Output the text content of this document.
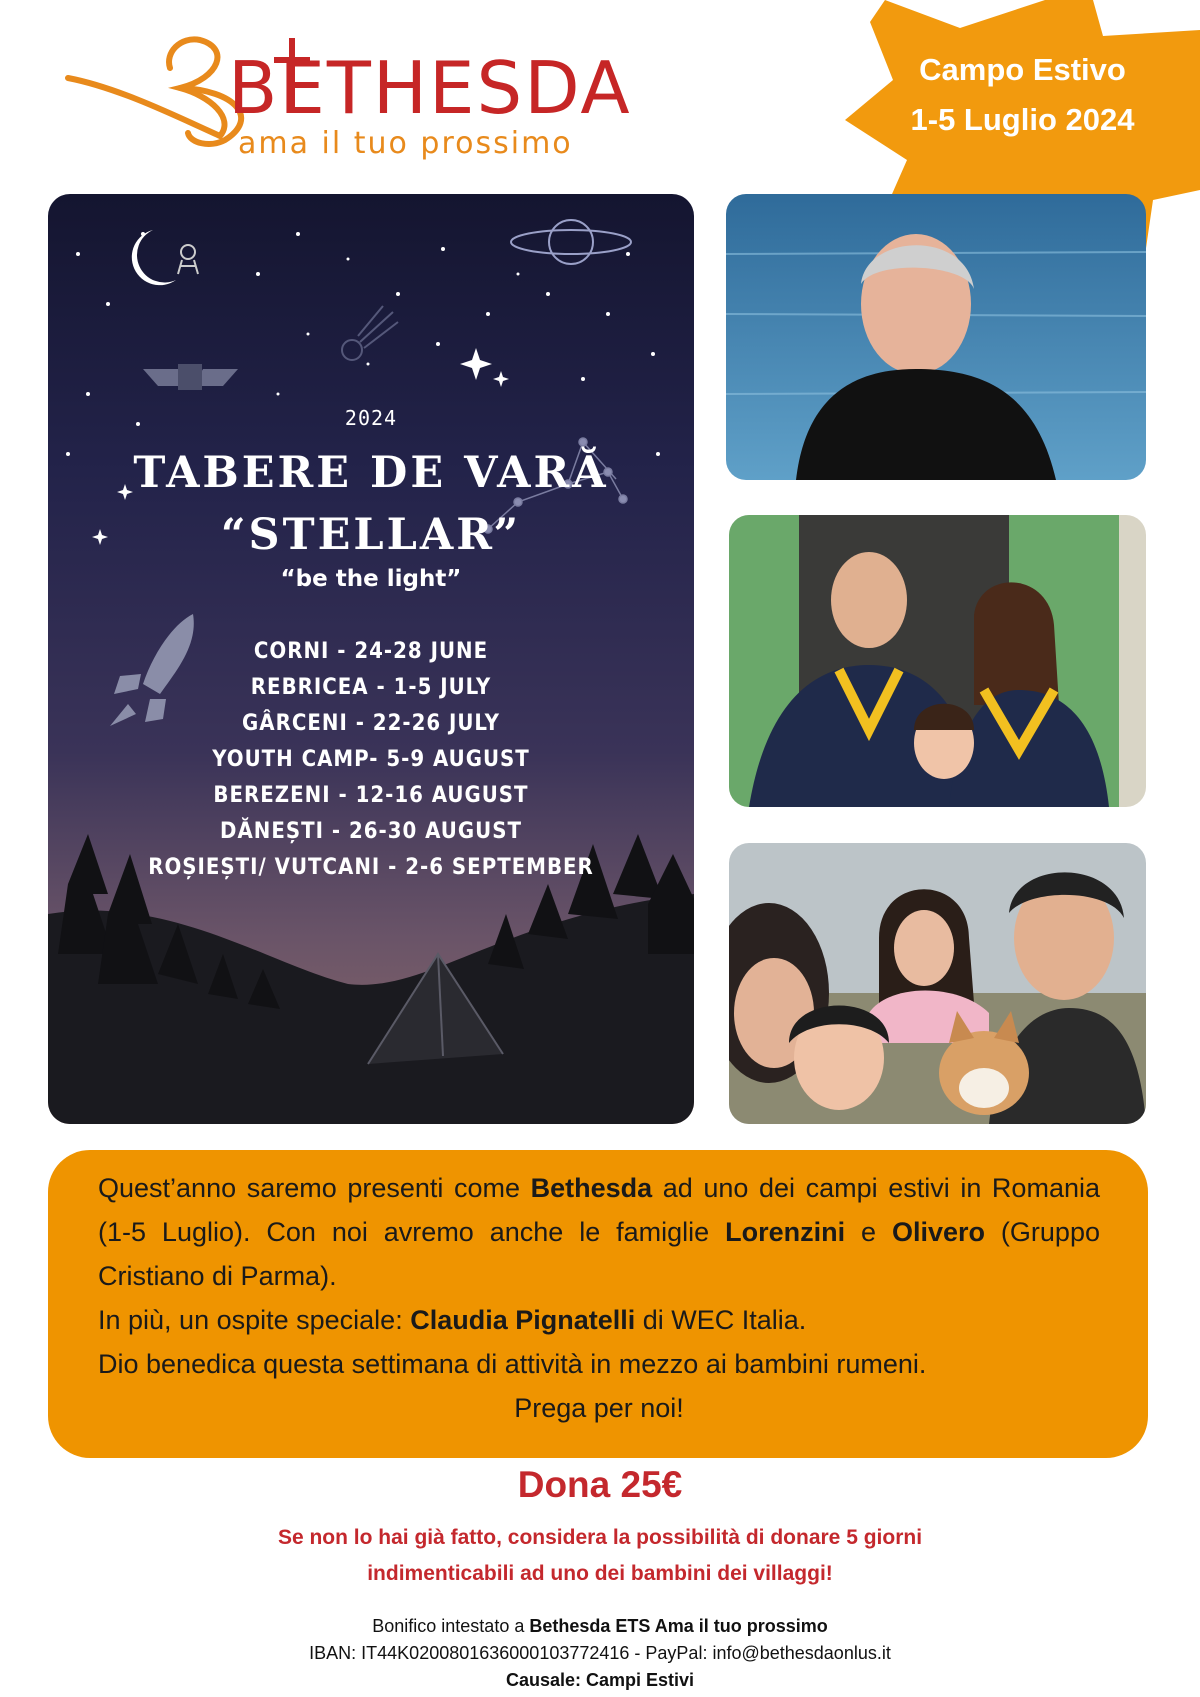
BETHESDA
ama il tuo prossimo
Campo Estivo
1-5 Luglio 2024
2024
TABERE DE VARĂ
“STELLAR”
“be the light”
CORNI - 24-28 JUNE
REBRICEA - 1-5 JULY
GÂRCENI - 22-26 JULY
YOUTH CAMP- 5-9 AUGUST
BEREZENI - 12-16 AUGUST
DĂNEȘTI - 26-30 AUGUST
ROȘIEȘTI/ VUTCANI - 2-6 SEPTEMBER

Quest’anno saremo presenti come Bethesda ad uno dei campi estivi in Romania (1-5 Luglio). Con noi avremo anche le famiglie Lorenzini e Olivero (Gruppo Cristiano di Parma).

In più, un ospite speciale: Claudia Pignatelli di WEC Italia.

Dio benedica questa settimana di attività in mezzo ai bambini rumeni.

Prega per noi!

Dona 25€
Se non lo hai già fatto, considera la possibilità di donare 5 giorni
indimenticabili ad uno dei bambini dei villaggi!
Bonifico intestato a Bethesda ETS Ama il tuo prossimo
IBAN: IT44K0200801636000103772416 - PayPal: info@bethesdaonlus.it
Causale: Campi Estivi
